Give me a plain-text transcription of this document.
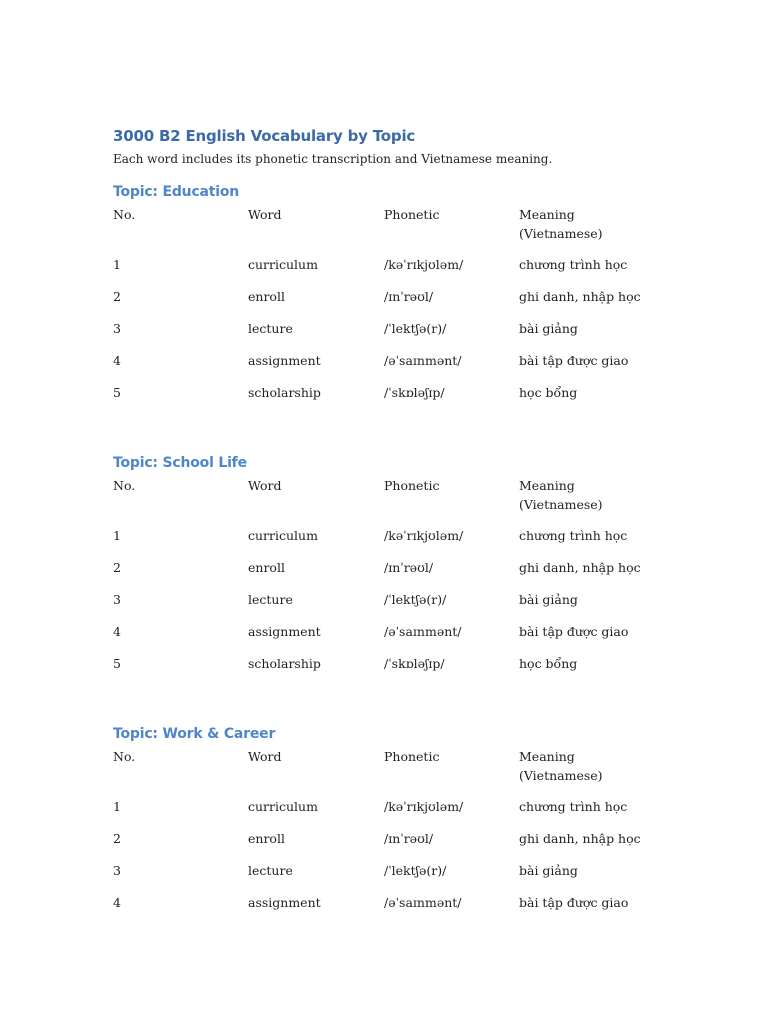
3000 B2 English Vocabulary by Topic

Each word includes its phonetic transcription and Vietnamese meaning.

Topic: Education
No.	Word	Phonetic	Meaning (Vietnamese)
1	curriculum	/kəˈrɪkjʊləm/	chương trình học
2	enroll	/ɪnˈrəʊl/	ghi danh, nhập học
3	lecture	/ˈlektʃə(r)/	bài giảng
4	assignment	/əˈsaɪnmənt/	bài tập được giao
5	scholarship	/ˈskɒləʃɪp/	học bổng
Topic: School Life
No.	Word	Phonetic	Meaning (Vietnamese)
1	curriculum	/kəˈrɪkjʊləm/	chương trình học
2	enroll	/ɪnˈrəʊl/	ghi danh, nhập học
3	lecture	/ˈlektʃə(r)/	bài giảng
4	assignment	/əˈsaɪnmənt/	bài tập được giao
5	scholarship	/ˈskɒləʃɪp/	học bổng
Topic: Work & Career
No.	Word	Phonetic	Meaning (Vietnamese)
1	curriculum	/kəˈrɪkjʊləm/	chương trình học
2	enroll	/ɪnˈrəʊl/	ghi danh, nhập học
3	lecture	/ˈlektʃə(r)/	bài giảng
4	assignment	/əˈsaɪnmənt/	bài tập được giao
